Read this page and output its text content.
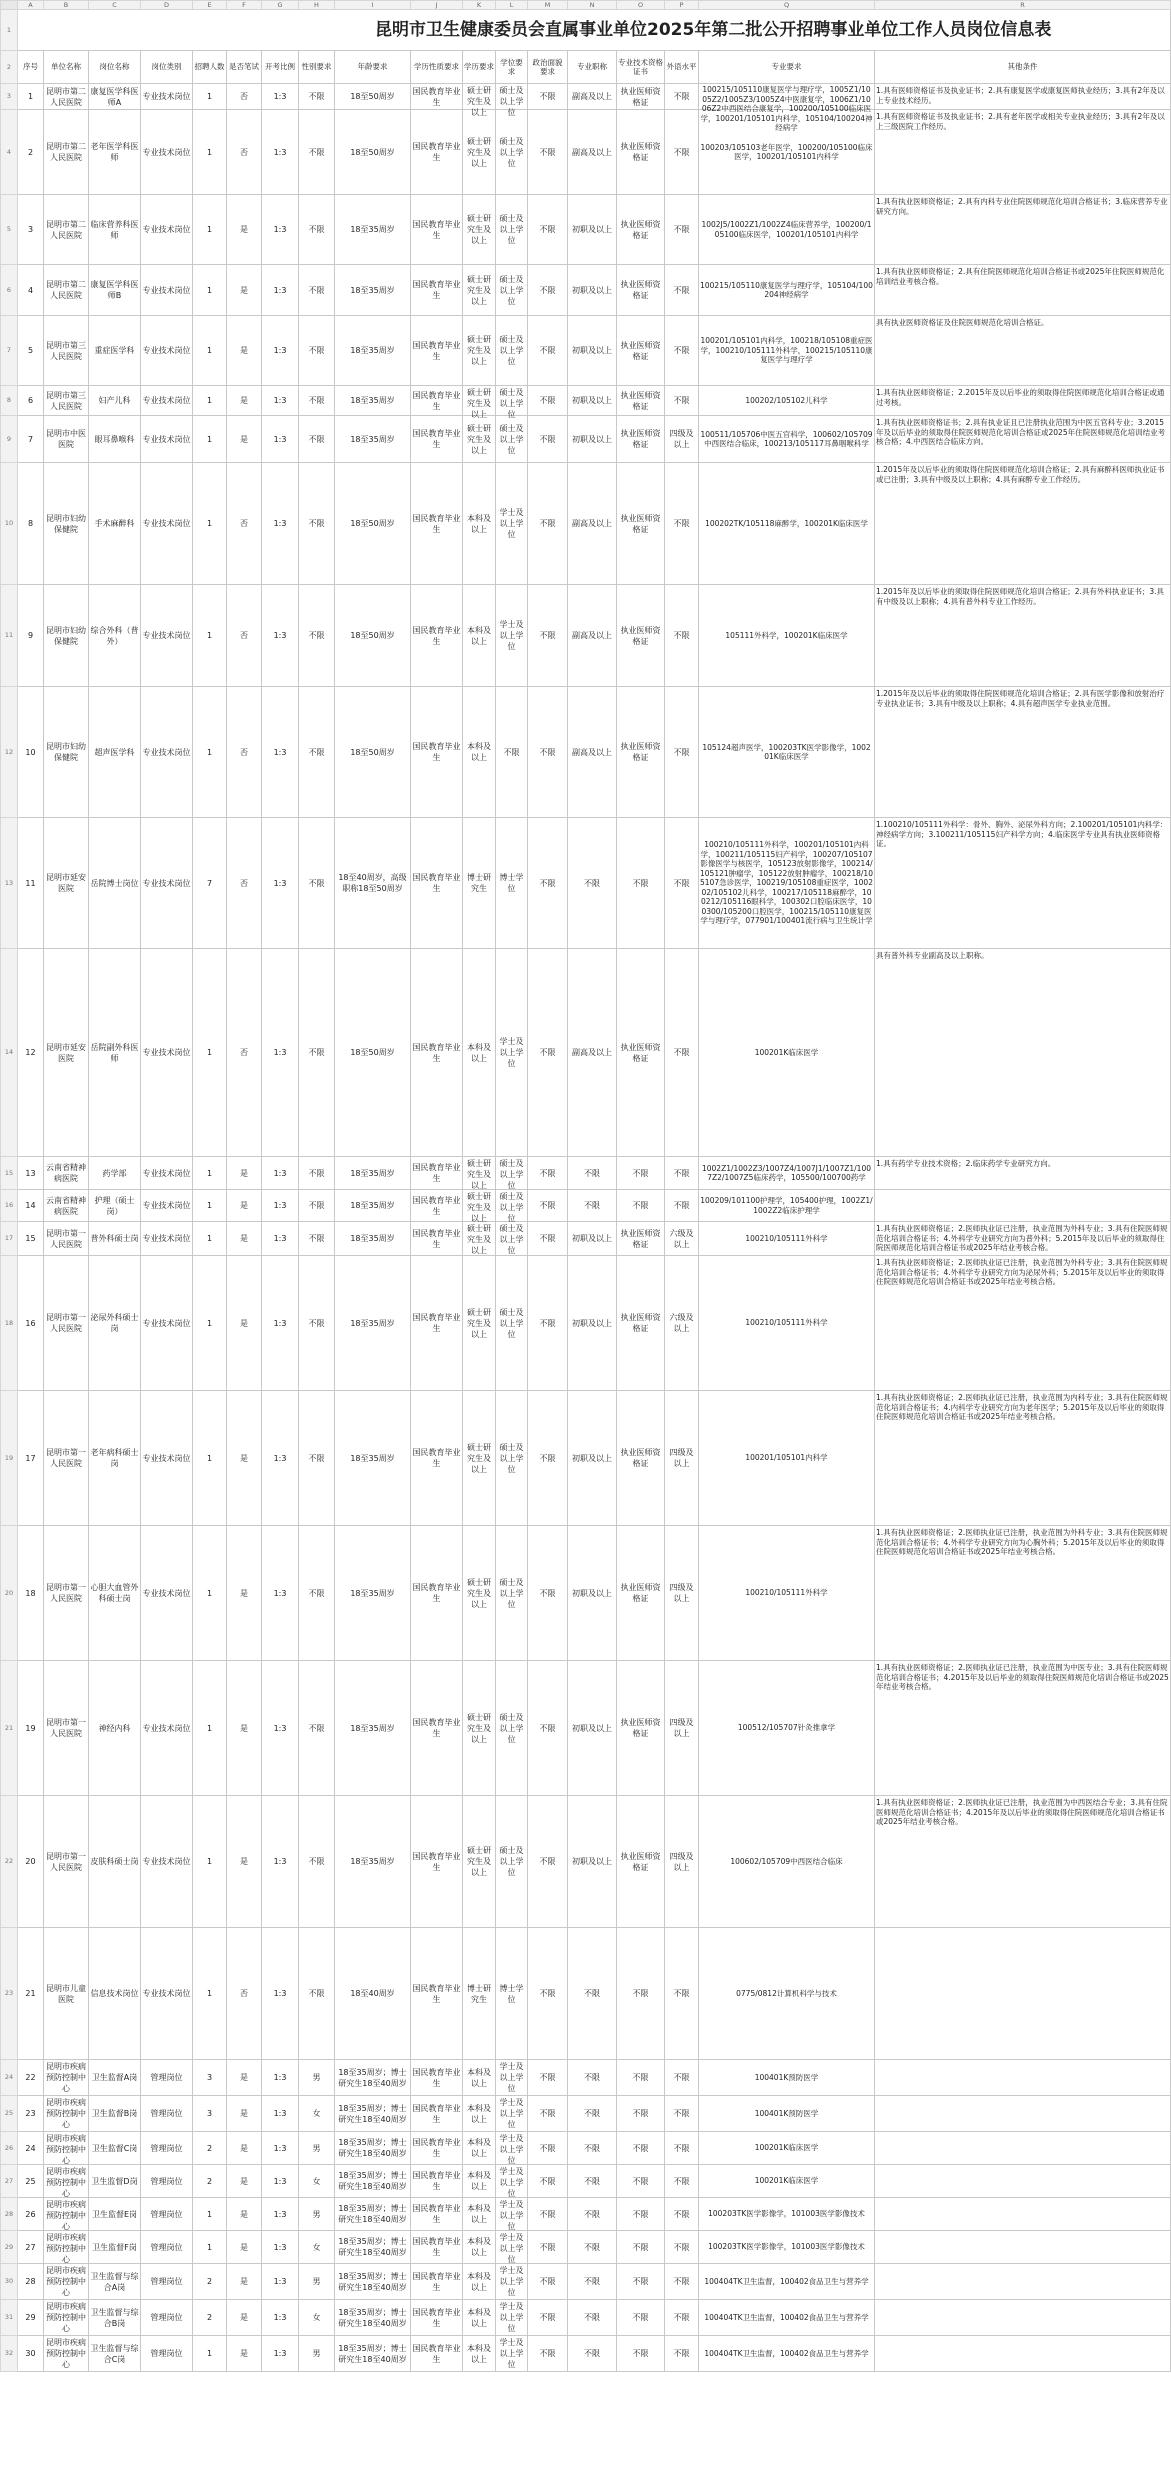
	A	B	C	D	E	F	G	H	I	J	K	L	M	N	O	P	Q	R
1	昆明市卫生健康委员会直属事业单位2025年第二批公开招聘事业单位工作人员岗位信息表																	
2	序号	单位名称	岗位名称	岗位类别	招聘人数	是否笔试	开考比例	性别要求	年龄要求	学历性质要求	学历要求	学位要求	政治面貌要求	专业职称	专业技术资格证书	外语水平	专业要求	其他条件
3	1	昆明市第二人民医院	康复医学科医师A	专业技术岗位	1	否	1:3	不限	18至50周岁	国民教育毕业生	硕士研究生及以上	硕士及以上学位	不限	副高及以上	执业医师资格证	不限	100215/105110康复医学与理疗学，1005Z1/1005Z2/1005Z3/1005Z4中医康复学，1006Z1/1006Z2中西医结合康复学，100200/105100临床医学，100201/105101内科学，105104/100204神经病学	1.具有医师资格证书及执业证书；2.具有康复医学或康复医师执业经历；3.具有2年及以上专业技术经历。

4	2	昆明市第二人民医院	老年医学科医师	专业技术岗位	1	否	1:3	不限	18至50周岁	国民教育毕业生	硕士研究生及以上	硕士及以上学位	不限	副高及以上	执业医师资格证	不限	100203/105103老年医学，100200/105100临床医学，100201/105101内科学	1.具有医师资格证书及执业证书；2.具有老年医学或相关专业执业经历；3.具有2年及以上三级医院工作经历。

5	3	昆明市第二人民医院	临床营养科医师	专业技术岗位	1	是	1:3	不限	18至35周岁	国民教育毕业生	硕士研究生及以上	硕士及以上学位	不限	初职及以上	执业医师资格证	不限	1002J5/1002Z1/1002Z4临床营养学，100200/105100临床医学，100201/105101内科学	1.具有执业医师资格证；2.具有内科专业住院医师规范化培训合格证书；3.临床营养专业研究方向。

6	4	昆明市第二人民医院	康复医学科医师B	专业技术岗位	1	是	1:3	不限	18至35周岁	国民教育毕业生	硕士研究生及以上	硕士及以上学位	不限	初职及以上	执业医师资格证	不限	100215/105110康复医学与理疗学，105104/100204神经病学	1.具有执业医师资格证；2.具有住院医师规范化培训合格证书或2025年住院医师规范化培训结业考核合格。

7	5	昆明市第三人民医院	重症医学科	专业技术岗位	1	是	1:3	不限	18至35周岁	国民教育毕业生	硕士研究生及以上	硕士及以上学位	不限	初职及以上	执业医师资格证	不限	100201/105101内科学，100218/105108重症医学，100210/105111外科学，100215/105110康复医学与理疗学	具有执业医师资格证及住院医师规范化培训合格证。

8	6	昆明市第三人民医院	妇产儿科	专业技术岗位	1	是	1:3	不限	18至35周岁	国民教育毕业生	硕士研究生及以上	硕士及以上学位	不限	初职及以上	执业医师资格证	不限	100202/105102儿科学	1.具有执业医师资格证；2.2015年及以后毕业的须取得住院医师规范化培训合格证或通过考核。

9	7	昆明市中医医院	眼耳鼻喉科	专业技术岗位	1	是	1:3	不限	18至35周岁	国民教育毕业生	硕士研究生及以上	硕士及以上学位	不限	初职及以上	执业医师资格证	四级及以上	100511/105706中医五官科学，100602/105709中西医结合临床，100213/105117耳鼻咽喉科学	1.具有执业医师资格证书；2.具有执业证且已注册执业范围为中医五官科专业；3.2015年及以后毕业的须取得住院医师规范化培训合格证或2025年住院医师规范化培训结业考核合格；4.中西医结合临床方向。

10	8	昆明市妇幼保健院	手术麻醉科	专业技术岗位	1	否	1:3	不限	18至50周岁	国民教育毕业生	本科及以上	学士及以上学位	不限	副高及以上	执业医师资格证	不限	100202TK/105118麻醉学，100201K临床医学	1.2015年及以后毕业的须取得住院医师规范化培训合格证；2.具有麻醉科医师执业证书或已注册；3.具有中级及以上职称；4.具有麻醉专业工作经历。

11	9	昆明市妇幼保健院	综合外科（普外）	专业技术岗位	1	否	1:3	不限	18至50周岁	国民教育毕业生	本科及以上	学士及以上学位	不限	副高及以上	执业医师资格证	不限	105111外科学，100201K临床医学	1.2015年及以后毕业的须取得住院医师规范化培训合格证；2.具有外科执业证书；3.具有中级及以上职称；4.具有普外科专业工作经历。

12	10	昆明市妇幼保健院	超声医学科	专业技术岗位	1	否	1:3	不限	18至50周岁	国民教育毕业生	本科及以上	不限	不限	副高及以上	执业医师资格证	不限	105124超声医学，100203TK医学影像学，100201K临床医学	1.2015年及以后毕业的须取得住院医师规范化培训合格证；2.具有医学影像和放射治疗专业执业证书；3.具有中级及以上职称；4.具有超声医学专业执业范围。

13	11	昆明市延安医院	岳院博士岗位	专业技术岗位	7	否	1:3	不限	18至40周岁，高级职称18至50周岁	国民教育毕业生	博士研究生	博士学位	不限	不限	不限	不限	100210/105111外科学，100201/105101内科学，100211/105115妇产科学，100207/105107影像医学与核医学，105123放射影像学，100214/105121肿瘤学，105122放射肿瘤学，100218/105107急诊医学，100219/105108重症医学，100202/105102儿科学，100217/105118麻醉学，100212/105116眼科学，100302口腔临床医学，100300/105200口腔医学，100215/105110康复医学与理疗学，077901/100401流行病与卫生统计学	1.100210/105111外科学：骨外、胸外、泌尿外科方向；2.100201/105101内科学：神经病学方向；3.100211/105115妇产科学方向；4.临床医学专业具有执业医师资格证。

14	12	昆明市延安医院	岳院副外科医师	专业技术岗位	1	否	1:3	不限	18至50周岁	国民教育毕业生	本科及以上	学士及以上学位	不限	副高及以上	执业医师资格证	不限	100201K临床医学	具有普外科专业副高及以上职称。

15	13	云南省精神病医院	药学部	专业技术岗位	1	是	1:3	不限	18至35周岁	国民教育毕业生	硕士研究生及以上	硕士及以上学位	不限	不限	不限	不限	1002Z1/1002Z3/1007Z4/1007J1/1007Z1/1007Z2/1007Z5临床药学，105500/100700药学	1.具有药学专业技术资格；2.临床药学专业研究方向。

16	14	云南省精神病医院	护理（硕士岗）	专业技术岗位	1	是	1:3	不限	18至35周岁	国民教育毕业生	硕士研究生及以上	硕士及以上学位	不限	不限	不限	不限	100209/101100护理学，105400护理，1002Z1/1002Z2临床护理学	

17	15	昆明市第一人民医院	普外科硕士岗	专业技术岗位	1	是	1:3	不限	18至35周岁	国民教育毕业生	硕士研究生及以上	硕士及以上学位	不限	初职及以上	执业医师资格证	六级及以上	100210/105111外科学	1.具有执业医师资格证；2.医师执业证已注册，执业范围为外科专业；3.具有住院医师规范化培训合格证书；4.外科学专业研究方向为普外科；5.2015年及以后毕业的须取得住院医师规范化培训合格证书或2025年结业考核合格。

18	16	昆明市第一人民医院	泌尿外科硕士岗	专业技术岗位	1	是	1:3	不限	18至35周岁	国民教育毕业生	硕士研究生及以上	硕士及以上学位	不限	初职及以上	执业医师资格证	六级及以上	100210/105111外科学	1.具有执业医师资格证；2.医师执业证已注册，执业范围为外科专业；3.具有住院医师规范化培训合格证书；4.外科学专业研究方向为泌尿外科；5.2015年及以后毕业的须取得住院医师规范化培训合格证书或2025年结业考核合格。

19	17	昆明市第一人民医院	老年病科硕士岗	专业技术岗位	1	是	1:3	不限	18至35周岁	国民教育毕业生	硕士研究生及以上	硕士及以上学位	不限	初职及以上	执业医师资格证	四级及以上	100201/105101内科学	1.具有执业医师资格证；2.医师执业证已注册，执业范围为内科专业；3.具有住院医师规范化培训合格证书；4.内科学专业研究方向为老年医学；5.2015年及以后毕业的须取得住院医师规范化培训合格证书或2025年结业考核合格。

20	18	昆明市第一人民医院	心胆大血管外科硕士岗	专业技术岗位	1	是	1:3	不限	18至35周岁	国民教育毕业生	硕士研究生及以上	硕士及以上学位	不限	初职及以上	执业医师资格证	四级及以上	100210/105111外科学	1.具有执业医师资格证；2.医师执业证已注册，执业范围为外科专业；3.具有住院医师规范化培训合格证书；4.外科学专业研究方向为心胸外科；5.2015年及以后毕业的须取得住院医师规范化培训合格证书或2025年结业考核合格。

21	19	昆明市第一人民医院	神经内科	专业技术岗位	1	是	1:3	不限	18至35周岁	国民教育毕业生	硕士研究生及以上	硕士及以上学位	不限	初职及以上	执业医师资格证	四级及以上	100512/105707针灸推拿学	1.具有执业医师资格证；2.医师执业证已注册，执业范围为中医专业；3.具有住院医师规范化培训合格证书；4.2015年及以后毕业的须取得住院医师规范化培训合格证书或2025年结业考核合格。

22	20	昆明市第一人民医院	皮肤科硕士岗	专业技术岗位	1	是	1:3	不限	18至35周岁	国民教育毕业生	硕士研究生及以上	硕士及以上学位	不限	初职及以上	执业医师资格证	四级及以上	100602/105709中西医结合临床	1.具有执业医师资格证；2.医师执业证已注册，执业范围为中西医结合专业；3.具有住院医师规范化培训合格证书；4.2015年及以后毕业的须取得住院医师规范化培训合格证书或2025年结业考核合格。

23	21	昆明市儿童医院	信息技术岗位	专业技术岗位	1	否	1:3	不限	18至40周岁	国民教育毕业生	博士研究生	博士学位	不限	不限	不限	不限	0775/0812计算机科学与技术	

24	22	昆明市疾病预防控制中心	卫生监督A岗	管理岗位	3	是	1:3	男	18至35周岁；博士研究生18至40周岁	国民教育毕业生	本科及以上	学士及以上学位	不限	不限	不限	不限	100401K预防医学	

25	23	昆明市疾病预防控制中心	卫生监督B岗	管理岗位	3	是	1:3	女	18至35周岁；博士研究生18至40周岁	国民教育毕业生	本科及以上	学士及以上学位	不限	不限	不限	不限	100401K预防医学	

26	24	昆明市疾病预防控制中心	卫生监督C岗	管理岗位	2	是	1:3	男	18至35周岁；博士研究生18至40周岁	国民教育毕业生	本科及以上	学士及以上学位	不限	不限	不限	不限	100201K临床医学	

27	25	昆明市疾病预防控制中心	卫生监督D岗	管理岗位	2	是	1:3	女	18至35周岁；博士研究生18至40周岁	国民教育毕业生	本科及以上	学士及以上学位	不限	不限	不限	不限	100201K临床医学	

28	26	昆明市疾病预防控制中心	卫生监督E岗	管理岗位	1	是	1:3	男	18至35周岁；博士研究生18至40周岁	国民教育毕业生	本科及以上	学士及以上学位	不限	不限	不限	不限	100203TK医学影像学，101003医学影像技术	

29	27	昆明市疾病预防控制中心	卫生监督F岗	管理岗位	1	是	1:3	女	18至35周岁；博士研究生18至40周岁	国民教育毕业生	本科及以上	学士及以上学位	不限	不限	不限	不限	100203TK医学影像学，101003医学影像技术	

30	28	昆明市疾病预防控制中心	卫生监督与综合A岗	管理岗位	2	是	1:3	男	18至35周岁；博士研究生18至40周岁	国民教育毕业生	本科及以上	学士及以上学位	不限	不限	不限	不限	100404TK卫生监督，100402食品卫生与营养学	

31	29	昆明市疾病预防控制中心	卫生监督与综合B岗	管理岗位	2	是	1:3	女	18至35周岁；博士研究生18至40周岁	国民教育毕业生	本科及以上	学士及以上学位	不限	不限	不限	不限	100404TK卫生监督，100402食品卫生与营养学	

32	30	昆明市疾病预防控制中心	卫生监督与综合C岗	管理岗位	1	是	1:3	男	18至35周岁；博士研究生18至40周岁	国民教育毕业生	本科及以上	学士及以上学位	不限	不限	不限	不限	100404TK卫生监督，100402食品卫生与营养学	
